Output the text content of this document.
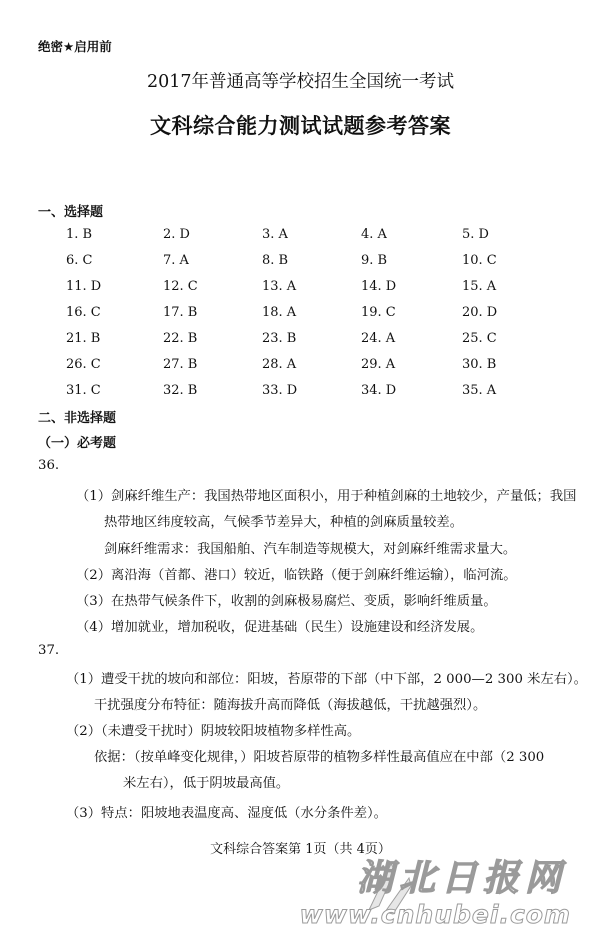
绝密★启用前
2017年普通高等学校招生全国统一考试
文科综合能力测试试题参考答案
一、选择题
1. B	2. D	3. A	4. A	5. D
6. C	7. A	8. B	9. B	10. C
11. D	12. C	13. A	14. D	15. A
16. C	17. B	18. A	19. C	20. D
21. B	22. B	23. B	24. A	25. C
26. C	27. B	28. A	29. A	30. B
31. C	32. B	33. D	34. D	35. A
二、非选择题
（一）必考题
36.
（1）剑麻纤维生产：我国热带地区面积小，用于种植剑麻的土地较少，产量低；我国
热带地区纬度较高，气候季节差异大，种植的剑麻质量较差。
剑麻纤维需求：我国船舶、汽车制造等规模大，对剑麻纤维需求量大。
（2）离沿海（首都、港口）较近，临铁路（便于剑麻纤维运输），临河流。
（3）在热带气候条件下，收割的剑麻极易腐烂、变质，影响纤维质量。
（4）增加就业，增加税收，促进基础（民生）设施建设和经济发展。
37.
（1）遭受干扰的坡向和部位：阳坡，苔原带的下部（中下部，2 000—2 300 米左右）。
干扰强度分布特征：随海拔升高而降低（海拔越低，干扰越强烈）。
（2）（未遭受干扰时）阴坡较阳坡植物多样性高。
依据：（按单峰变化规律，）阳坡苔原带的植物多样性最高值应在中部（2 300
米左右），低于阴坡最高值。
（3）特点：阳坡地表温度高、湿度低（水分条件差）。
文科综合答案第 1页（共 4页）
湖北日报网
www.cnhubei.com
